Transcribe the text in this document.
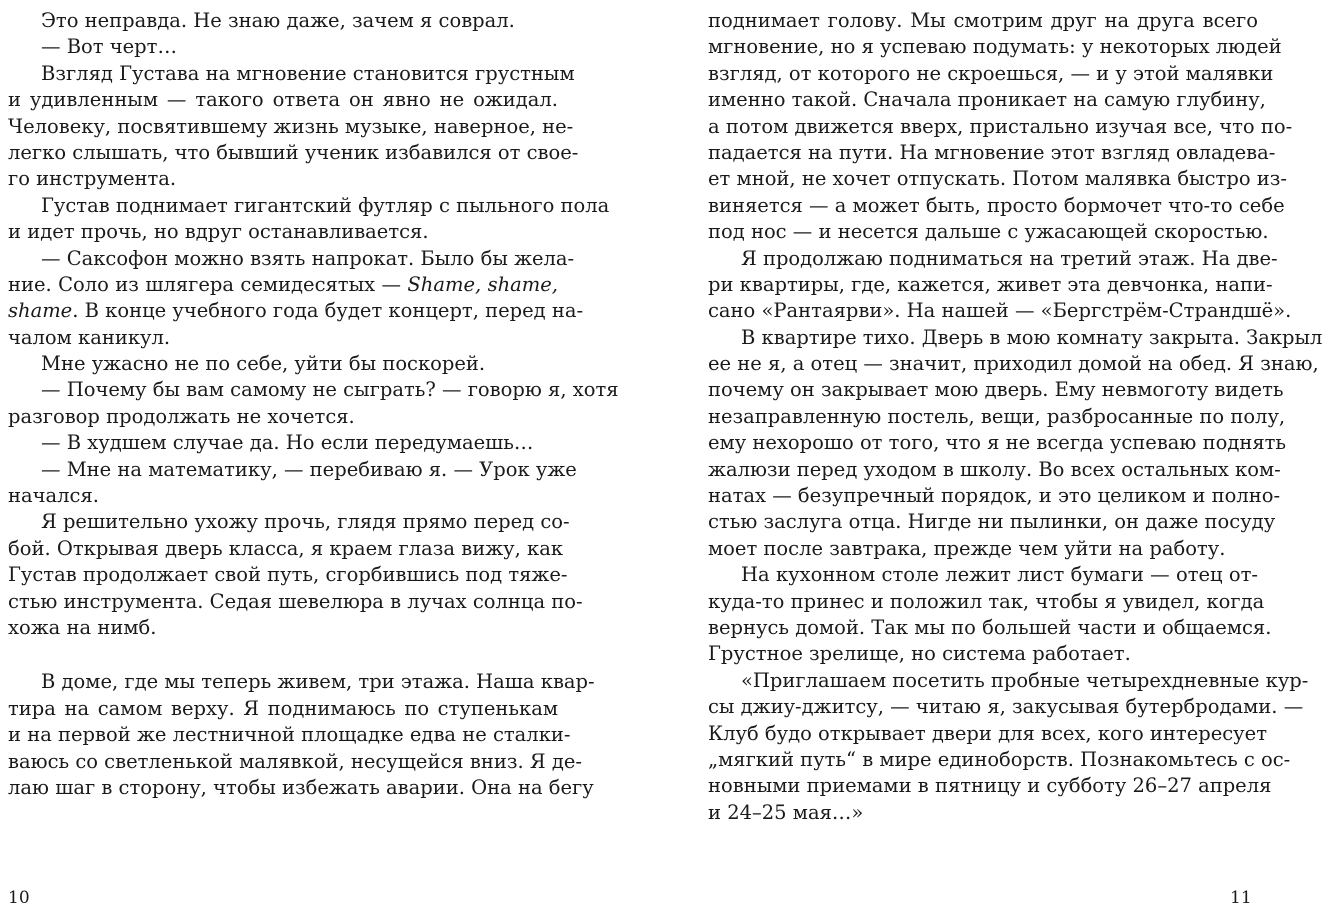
Это неправда. Не знаю даже, зачем я соврал.
— Вот черт…
Взгляд Густава на мгновение становится грустным
и удивленным — такого ответа он явно не ожидал.
Человеку, посвятившему жизнь музыке, наверное, не-
легко слышать, что бывший ученик избавился от свое-
го инструмента.
Густав поднимает гигантский футляр с пыльного пола
и идет прочь, но вдруг останавливается.
— Саксофон можно взять напрокат. Было бы жела-
ние. Соло из шлягера семидесятых — Shame, shame,
shame. В конце учебного года будет концерт, перед на-
чалом каникул.
Мне ужасно не по себе, уйти бы поскорей.
— Почему бы вам самому не сыграть? — говорю я, хотя
разговор продолжать не хочется.
— В худшем случае да. Но если передумаешь…
— Мне на математику, — перебиваю я. — Урок уже
начался.
Я решительно ухожу прочь, глядя прямо перед со-
бой. Открывая дверь класса, я краем глаза вижу, как
Густав продолжает свой путь, сгорбившись под тяже-
стью инструмента. Седая шевелюра в лучах солнца по-
хожа на нимб.
В доме, где мы теперь живем, три этажа. Наша квар-
тира на самом верху. Я поднимаюсь по ступенькам
и на первой же лестничной площадке едва не сталки-
ваюсь со светленькой малявкой, несущейся вниз. Я де-
лаю шаг в сторону, чтобы избежать аварии. Она на бегу
поднимает голову. Мы смотрим друг на друга всего
мгновение, но я успеваю подумать: у некоторых людей
взгляд, от которого не скроешься, — и у этой малявки
именно такой. Сначала проникает на самую глубину,
а потом движется вверх, пристально изучая все, что по-
падается на пути. На мгновение этот взгляд овладева-
ет мной, не хочет отпускать. Потом малявка быстро из-
виняется — а может быть, просто бормочет что-то себе
под нос — и несется дальше с ужасающей скоростью.
Я продолжаю подниматься на третий этаж. На две-
ри квартиры, где, кажется, живет эта девчонка, напи-
сано «Рантаярви». На нашей — «Бергстрём-Страндшё».
В квартире тихо. Дверь в мою комнату закрыта. Закрыл
ее не я, а отец — значит, приходил домой на обед. Я знаю,
почему он закрывает мою дверь. Ему невмоготу видеть
незаправленную постель, вещи, разбросанные по полу,
ему нехорошо от того, что я не всегда успеваю поднять
жалюзи перед уходом в школу. Во всех остальных ком-
натах — безупречный порядок, и это целиком и полно-
стью заслуга отца. Нигде ни пылинки, он даже посуду
моет после завтрака, прежде чем уйти на работу.
На кухонном столе лежит лист бумаги — отец от-
куда-то принес и положил так, чтобы я увидел, когда
вернусь домой. Так мы по большей части и общаемся.
Грустное зрелище, но система работает.
«Приглашаем посетить пробные четырехдневные кур-
сы джиу-джитсу, — читаю я, закусывая бутербродами. —
Клуб будо открывает двери для всех, кого интересует
„мягкий путь“ в мире единоборств. Познакомьтесь с ос-
новными приемами в пятницу и субботу 26–27 апреля
и 24–25 мая…»
10	11
